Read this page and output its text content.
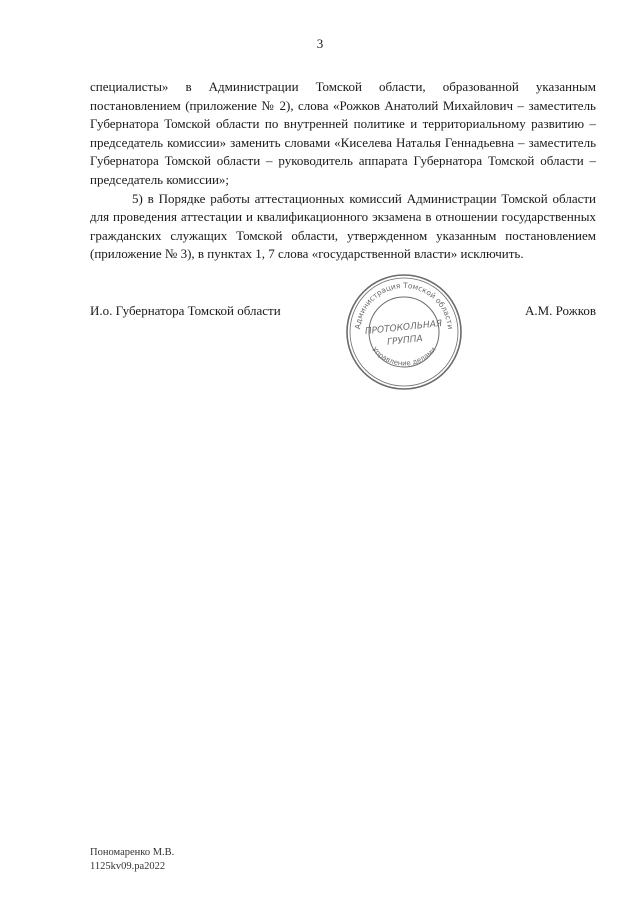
3

специалисты» в Администрации Томской области, образованной указанным постановлением (приложение № 2), слова «Рожков Анатолий Михайлович – заместитель Губернатора Томской области по внутренней политике и территориальному развитию – председатель комиссии» заменить словами «Киселева Наталья Геннадьевна – заместитель Губернатора Томской области – руководитель аппарата Губернатора Томской области – председатель комиссии»;

5) в Порядке работы аттестационных комиссий Администрации Томской области для проведения аттестации и квалификационного экзамена в отношении государственных гражданских служащих Томской области, утвержденном указанным постановлением (приложение № 3), в пунктах 1, 7 слова «государственной власти» исключить.

И.о. Губернатора Томской области	А.М. Рожков
Администрация Томской области
Управление делами
ПРОТОКОЛЬНАЯ
ГРУППА
Пономаренко М.В.
1125kv09.pa2022
